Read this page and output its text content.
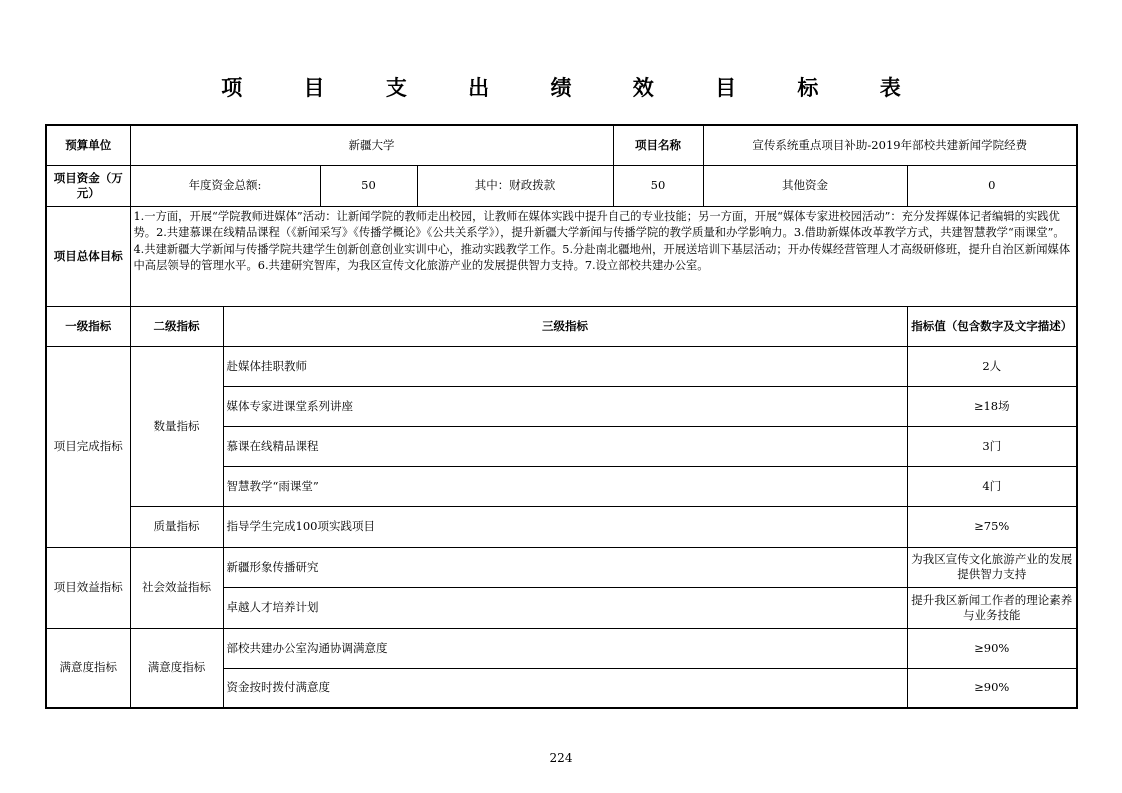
项 目 支 出 绩 效 目 标 表
预算单位	新疆大学				项目名称	宣传系统重点项目补助-2019年部校共建新闻学院经费	
项目资金（万元）	年度资金总额:		50	其中：财政拨款	50	其他资金	0
项目总体目标	1.一方面，开展“学院教师进媒体”活动：让新闻学院的教师走出校园，让教师在媒体实践中提升自己的专业技能；另一方面，开展“媒体专家进校园活动”：充分发挥媒体记者编辑的实践优势。2.共建慕课在线精品课程（《新闻采写》《传播学概论》《公共关系学》），提升新疆大学新闻与传播学院的教学质量和办学影响力。3.借助新媒体改革教学方式，共建智慧教学“雨课堂”。4.共建新疆大学新闻与传播学院共建学生创新创意创业实训中心，推动实践教学工作。5.分赴南北疆地州，开展送培训下基层活动；开办传媒经营管理人才高级研修班，提升自治区新闻媒体中高层领导的管理水平。6.共建研究智库，为我区宣传文化旅游产业的发展提供智力支持。7.设立部校共建办公室。						
一级指标	二级指标	三级指标					指标值（包含数字及文字描述）
项目完成指标	数量指标	赴媒体挂职教师					2人
		媒体专家进课堂系列讲座					≥18场
		慕课在线精品课程					3门
		智慧教学“雨课堂”					4门
	质量指标	指导学生完成100项实践项目					≥75%
项目效益指标	社会效益指标	新疆形象传播研究					为我区宣传文化旅游产业的发展提供智力支持
		卓越人才培养计划					提升我区新闻工作者的理论素养与业务技能
满意度指标	满意度指标	部校共建办公室沟通协调满意度					≥90%
		资金按时拨付满意度					≥90%
224
